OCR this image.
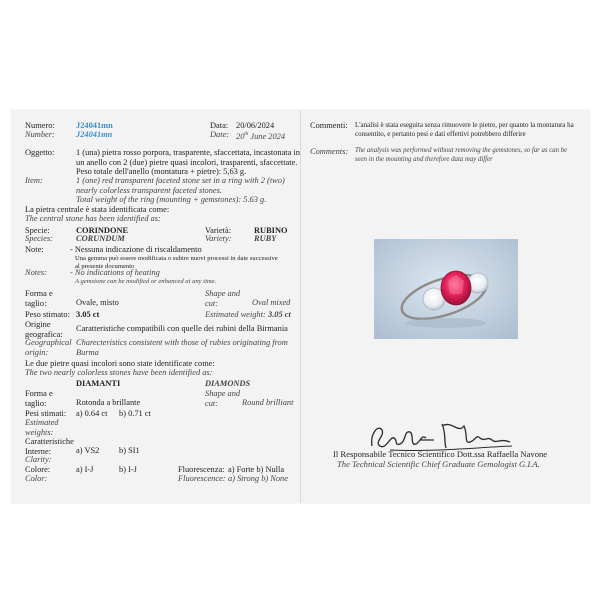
Numero:	J24041mn
Number:	J24041mn
Data: 20/06/2024
Date: 20th June 2024
Oggetto:	1 (una) pietra rosso porpora, trasparente, sfaccettata, incastonata in
un anello con 2 (due) pietre quasi incolori, trasparenti, sfaccettate.
Peso totale dell'anello (montatura + pietre): 5,63 g.
Item:	1 (one) red transparent faceted stone set in a ring with 2 (two)
nearly colorless transparent faceted stones.
Total weight of the ring (mounting + gemstones): 5.63 g.
La pietra centrale è stata identificata come:
The central stone has been identified as:
Specie:	CORINDONE
Species:	CORUNDUM
Varietà:	RUBINO
Variety:	RUBY
Note:	- Nessuna indicazione di riscaldamento
Una gemma può essere modificata o subire nuovi processi in date successive
al presente documento
Notes:	- No indications of heating
A gemstone can be modified or enhanced at any time.
Forma e
taglio:	Ovale, misto
Shape and
cut:	Oval mixed
Peso stimato: 3.05 ct	Estimated weight: 3.05 ct
Origine
geografica:
Caratteristiche compatibili con quelle dei rubini della Birmania
Geographical
origin:
Charecteristics consistent with those of rubies originating from
Burma
Le due pietre quasi incolori sono state identificate come:
The two nearly colorless stones have been identified as:
DIAMANTI	DIAMONDS
Forma e
taglio:	Rotonda a brillante
Shape and
cut:	Round brilliant
Pesi stimati: a) 0.64 ct b) 0.71 ct
Estimated
weights:
Caratteristiche
Interne:	a) VS2 b) SI1
Clarity:
Colore:	a) I-J	b) I-J
Color:
Fluorescenza: a) Forte b) Nulla
Fluorescence: a) Strong b) None
Commenti: L'analisi è stata eseguita senza rimuovere le pietre, per quanto la montatura ha
consentito, e pertanto pesi e dati effettivi potrebbero differire
Comments: The analysis was performed without removing the gemstones, so far as can be
seen in the mounting and therefore data may differ
Il Responsabile Tecnico Scientifico Dott.ssa Raffaella Navone
The Technical Scientific Chief Graduate Gemologist G.I.A.
